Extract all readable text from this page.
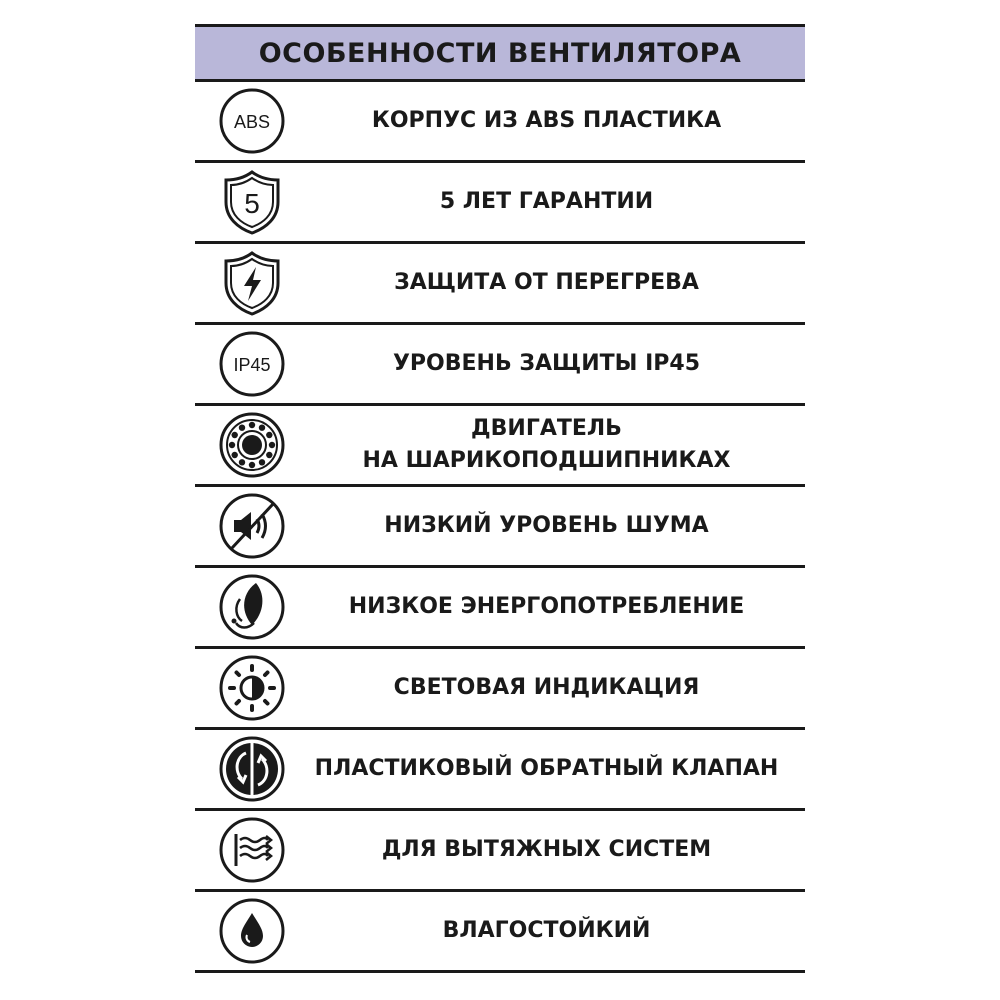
ОСОБЕННОСТИ ВЕНТИЛЯТОРА
ABS	КОРПУС ИЗ ABS ПЛАСТИКА
5	5 ЛЕТ ГАРАНТИИ
ЗАЩИТА ОТ ПЕРЕГРЕВА
IP45	УРОВЕНЬ ЗАЩИТЫ IP45
ДВИГАТЕЛЬ
НА ШАРИКОПОДШИПНИКАХ
НИЗКИЙ УРОВЕНЬ ШУМА
НИЗКОЕ ЭНЕРГОПОТРЕБЛЕНИЕ
СВЕТОВАЯ ИНДИКАЦИЯ
ПЛАСТИКОВЫЙ ОБРАТНЫЙ КЛАПАН
ДЛЯ ВЫТЯЖНЫХ СИСТЕМ
ВЛАГОСТОЙКИЙ
